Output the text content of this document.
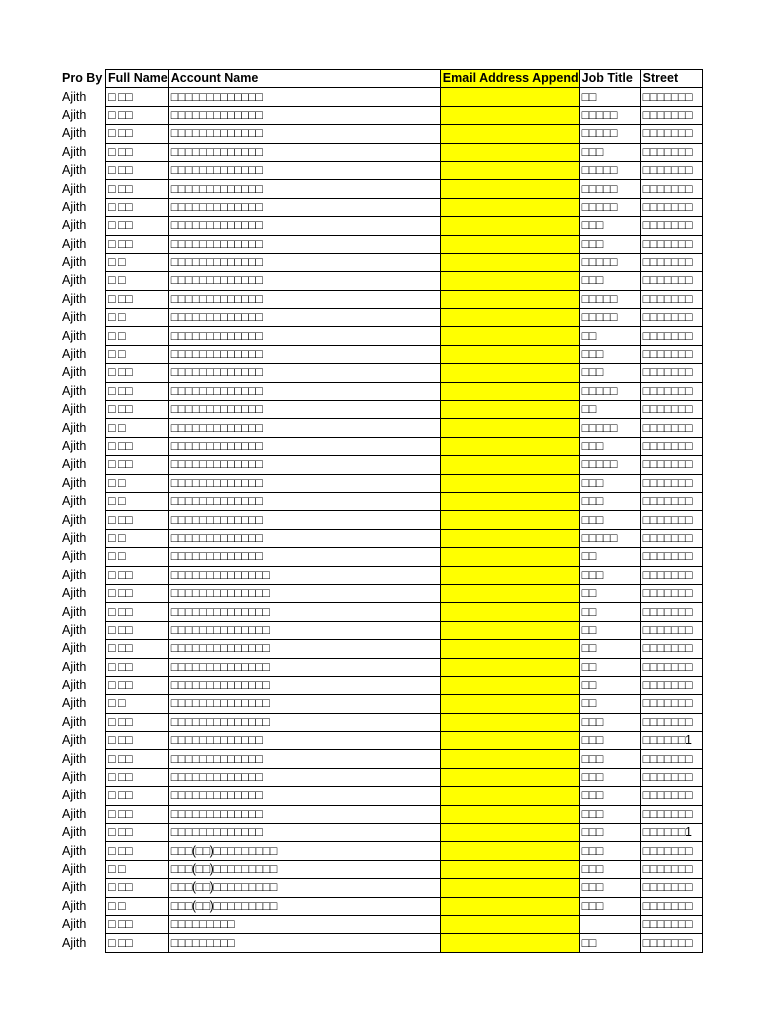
Pro By	Full Name	Account Name	Email Address Append	Job Title	Street
Ajith	□ □□	□□□□□□□□□□□□□		□□	□□□□□□□
Ajith	□ □□	□□□□□□□□□□□□□		□□□□□	□□□□□□□
Ajith	□ □□	□□□□□□□□□□□□□		□□□□□	□□□□□□□
Ajith	□ □□	□□□□□□□□□□□□□		□□□	□□□□□□□
Ajith	□ □□	□□□□□□□□□□□□□		□□□□□	□□□□□□□
Ajith	□ □□	□□□□□□□□□□□□□		□□□□□	□□□□□□□
Ajith	□ □□	□□□□□□□□□□□□□		□□□□□	□□□□□□□
Ajith	□ □□	□□□□□□□□□□□□□		□□□	□□□□□□□
Ajith	□ □□	□□□□□□□□□□□□□		□□□	□□□□□□□
Ajith	□ □	□□□□□□□□□□□□□		□□□□□	□□□□□□□
Ajith	□ □	□□□□□□□□□□□□□		□□□	□□□□□□□
Ajith	□ □□	□□□□□□□□□□□□□		□□□□□	□□□□□□□
Ajith	□ □	□□□□□□□□□□□□□		□□□□□	□□□□□□□
Ajith	□ □	□□□□□□□□□□□□□		□□	□□□□□□□
Ajith	□ □	□□□□□□□□□□□□□		□□□	□□□□□□□
Ajith	□ □□	□□□□□□□□□□□□□		□□□	□□□□□□□
Ajith	□ □□	□□□□□□□□□□□□□		□□□□□	□□□□□□□
Ajith	□ □□	□□□□□□□□□□□□□		□□	□□□□□□□
Ajith	□ □	□□□□□□□□□□□□□		□□□□□	□□□□□□□
Ajith	□ □□	□□□□□□□□□□□□□		□□□	□□□□□□□
Ajith	□ □□	□□□□□□□□□□□□□		□□□□□	□□□□□□□
Ajith	□ □	□□□□□□□□□□□□□		□□□	□□□□□□□
Ajith	□ □	□□□□□□□□□□□□□		□□□	□□□□□□□
Ajith	□ □□	□□□□□□□□□□□□□		□□□	□□□□□□□
Ajith	□ □	□□□□□□□□□□□□□		□□□□□	□□□□□□□
Ajith	□ □	□□□□□□□□□□□□□		□□	□□□□□□□
Ajith	□ □□	□□□□□□□□□□□□□□		□□□	□□□□□□□
Ajith	□ □□	□□□□□□□□□□□□□□		□□	□□□□□□□
Ajith	□ □□	□□□□□□□□□□□□□□		□□	□□□□□□□
Ajith	□ □□	□□□□□□□□□□□□□□		□□	□□□□□□□
Ajith	□ □□	□□□□□□□□□□□□□□		□□	□□□□□□□
Ajith	□ □□	□□□□□□□□□□□□□□		□□	□□□□□□□
Ajith	□ □□	□□□□□□□□□□□□□□		□□	□□□□□□□
Ajith	□ □	□□□□□□□□□□□□□□		□□	□□□□□□□
Ajith	□ □□	□□□□□□□□□□□□□□		□□□	□□□□□□□
Ajith	□ □□	□□□□□□□□□□□□□		□□□	□□□□□□1
Ajith	□ □□	□□□□□□□□□□□□□		□□□	□□□□□□□
Ajith	□ □□	□□□□□□□□□□□□□		□□□	□□□□□□□
Ajith	□ □□	□□□□□□□□□□□□□		□□□	□□□□□□□
Ajith	□ □□	□□□□□□□□□□□□□		□□□	□□□□□□□
Ajith	□ □□	□□□□□□□□□□□□□		□□□	□□□□□□1
Ajith	□ □□	□□□(□□)□□□□□□□□□		□□□	□□□□□□□
Ajith	□ □	□□□(□□)□□□□□□□□□		□□□	□□□□□□□
Ajith	□ □□	□□□(□□)□□□□□□□□□		□□□	□□□□□□□
Ajith	□ □	□□□(□□)□□□□□□□□□		□□□	□□□□□□□
Ajith	□ □□	□□□□□□□□□			□□□□□□□
Ajith	□ □□	□□□□□□□□□		□□	□□□□□□□
